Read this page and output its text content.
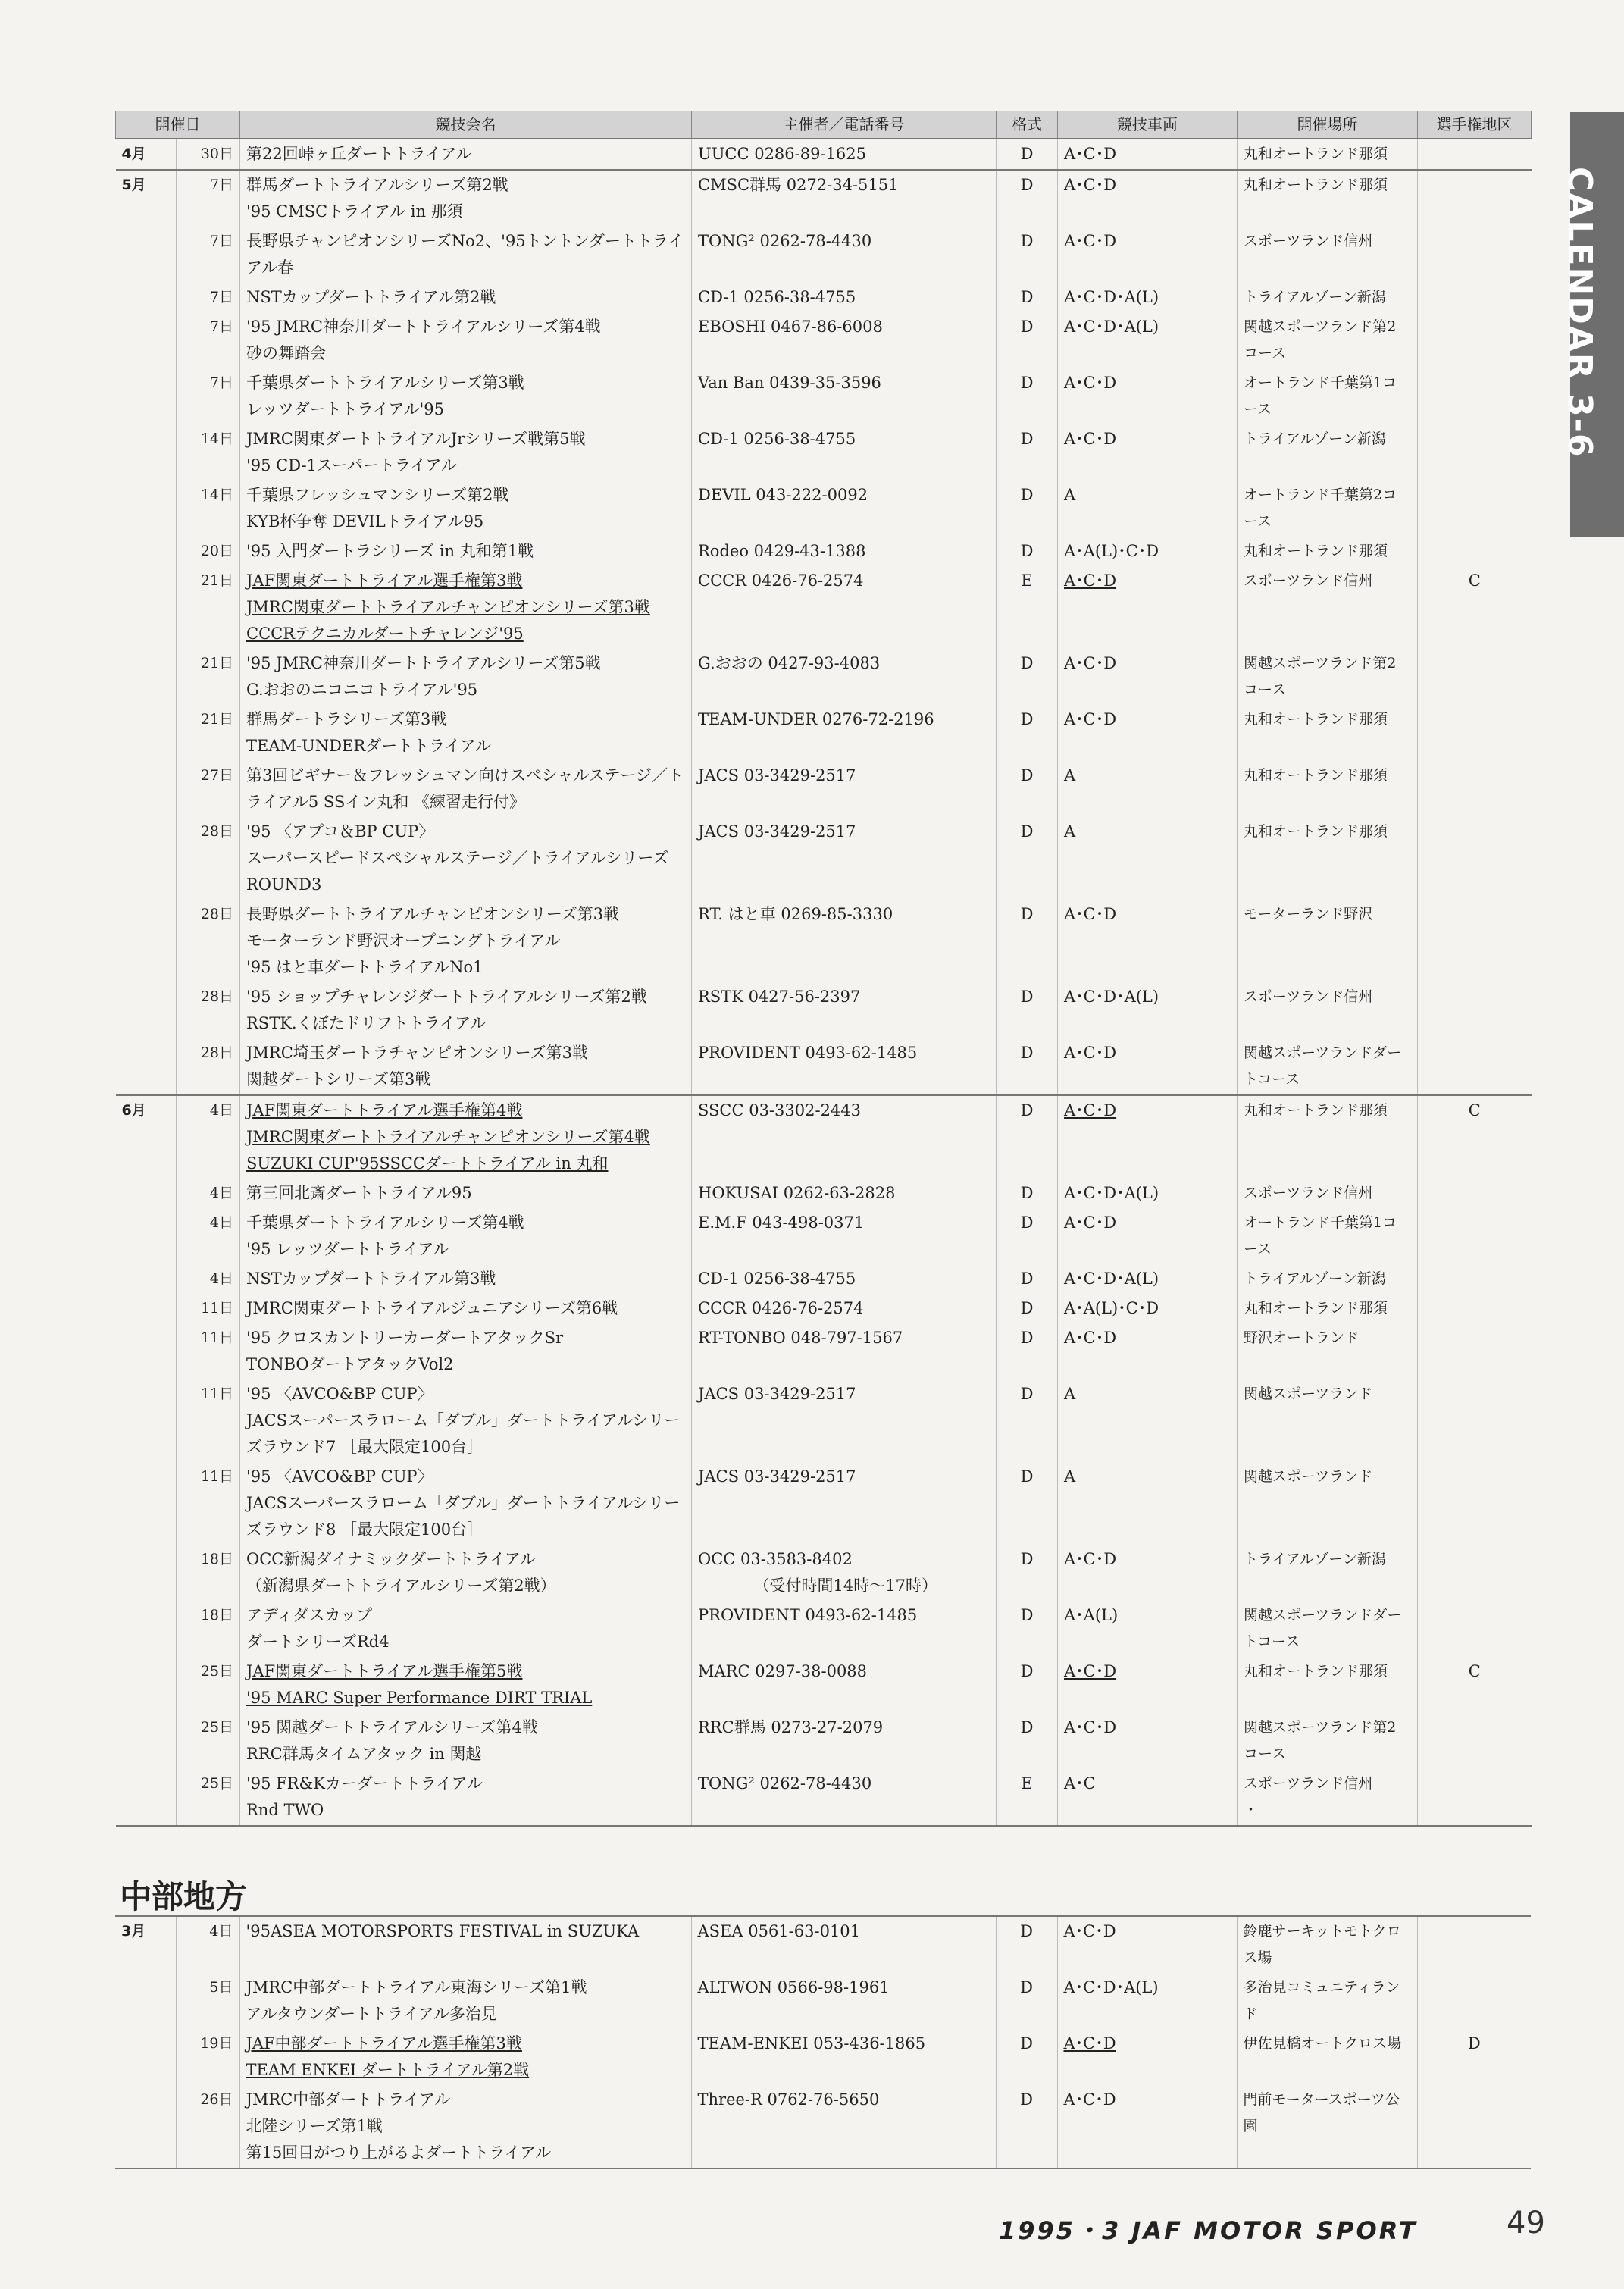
CALENDAR 3-6
開催日		競技会名	主催者／電話番号	格式	競技車両	開催場所	選手権地区
4月	30日	第22回峠ヶ丘ダートトライアル	UUCC 0286-89-1625	D	A･C･D	丸和オートランド那須	

5月	7日	群馬ダートトライアルシリーズ第2戦
'95 CMSCトライアル in 那須	CMSC群馬 0272-34-5151	D	A･C･D	丸和オートランド那須	

	7日	長野県チャンピオンシリーズNo2、'95トントンダートトライ
アル春	TONG² 0262-78-4430	D	A･C･D	スポーツランド信州	

	7日	NSTカップダートトライアル第2戦	CD-1 0256-38-4755	D	A･C･D･A(L)	トライアルゾーン新潟	

	7日	'95 JMRC神奈川ダートトライアルシリーズ第4戦
砂の舞踏会	EBOSHI 0467-86-6008	D	A･C･D･A(L)	関越スポーツランド第2
コース	

	7日	千葉県ダートトライアルシリーズ第3戦
レッツダートトライアル'95	Van Ban 0439-35-3596	D	A･C･D	オートランド千葉第1コ
ース	

	14日	JMRC関東ダートトライアルJrシリーズ戦第5戦
'95 CD-1スーパートライアル	CD-1 0256-38-4755	D	A･C･D	トライアルゾーン新潟	

	14日	千葉県フレッシュマンシリーズ第2戦
KYB杯争奪 DEVILトライアル95	DEVIL 043-222-0092	D	A	オートランド千葉第2コ
ース	

	20日	'95 入門ダートラシリーズ in 丸和第1戦	Rodeo 0429-43-1388	D	A･A(L)･C･D	丸和オートランド那須	

	21日	JAF関東ダートトライアル選手権第3戦
JMRC関東ダートトライアルチャンピオンシリーズ第3戦
CCCRテクニカルダートチャレンジ'95	CCCR 0426-76-2574	E	A･C･D	スポーツランド信州	C
	21日	'95 JMRC神奈川ダートトライアルシリーズ第5戦
G.おおのニコニコトライアル'95	G.おおの 0427-93-4083	D	A･C･D	関越スポーツランド第2
コース	

	21日	群馬ダートラシリーズ第3戦
TEAM-UNDERダートトライアル	TEAM-UNDER 0276-72-2196	D	A･C･D	丸和オートランド那須	

	27日	第3回ビギナー＆フレッシュマン向けスペシャルステージ／ト
ライアル5 SSイン丸和 《練習走行付》	JACS 03-3429-2517	D	A	丸和オートランド那須	

	28日	'95 〈アプコ＆BP CUP〉
スーパースピードスペシャルステージ／トライアルシリーズ
ROUND3	JACS 03-3429-2517	D	A	丸和オートランド那須	

	28日	長野県ダートトライアルチャンピオンシリーズ第3戦
モーターランド野沢オープニングトライアル
'95 はと車ダートトライアルNo1	RT. はと車 0269-85-3330	D	A･C･D	モーターランド野沢	

	28日	'95 ショップチャレンジダートトライアルシリーズ第2戦
RSTK.くぼたドリフトトライアル	RSTK 0427-56-2397	D	A･C･D･A(L)	スポーツランド信州	

	28日	JMRC埼玉ダートラチャンピオンシリーズ第3戦
関越ダートシリーズ第3戦	PROVIDENT 0493-62-1485	D	A･C･D	関越スポーツランドダー
トコース	

6月	4日	JAF関東ダートトライアル選手権第4戦
JMRC関東ダートトライアルチャンピオンシリーズ第4戦
SUZUKI CUP'95SSCCダートトライアル in 丸和	SSCC 03-3302-2443	D	A･C･D	丸和オートランド那須	C
	4日	第三回北斎ダートトライアル95	HOKUSAI 0262-63-2828	D	A･C･D･A(L)	スポーツランド信州	

	4日	千葉県ダートトライアルシリーズ第4戦
'95 レッツダートトライアル	E.M.F 043-498-0371	D	A･C･D	オートランド千葉第1コ
ース	

	4日	NSTカップダートトライアル第3戦	CD-1 0256-38-4755	D	A･C･D･A(L)	トライアルゾーン新潟	

	11日	JMRC関東ダートトライアルジュニアシリーズ第6戦	CCCR 0426-76-2574	D	A･A(L)･C･D	丸和オートランド那須	

	11日	'95 クロスカントリーカーダートアタックSr
TONBOダートアタックVol2	RT-TONBO 048-797-1567	D	A･C･D	野沢オートランド	

	11日	'95 〈AVCO&BP CUP〉
JACSスーパースラローム「ダブル」ダートトライアルシリー
ズラウンド7 ［最大限定100台］	JACS 03-3429-2517	D	A	関越スポーツランド	

	11日	'95 〈AVCO&BP CUP〉
JACSスーパースラローム「ダブル」ダートトライアルシリー
ズラウンド8 ［最大限定100台］	JACS 03-3429-2517	D	A	関越スポーツランド	

	18日	OCC新潟ダイナミックダートトライアル
（新潟県ダートトライアルシリーズ第2戦）	OCC 03-3583-8402
　　　　（受付時間14時～17時）	D	A･C･D	トライアルゾーン新潟	

	18日	アディダスカップ
ダートシリーズRd4	PROVIDENT 0493-62-1485	D	A･A(L)	関越スポーツランドダー
トコース	

	25日	JAF関東ダートトライアル選手権第5戦
'95 MARC Super Performance DIRT TRIAL	MARC 0297-38-0088	D	A･C･D	丸和オートランド那須	C
	25日	'95 関越ダートトライアルシリーズ第4戦
RRC群馬タイムアタック in 関越	RRC群馬 0273-27-2079	D	A･C･D	関越スポーツランド第2
コース	

	25日	'95 FR&Kカーダートトライアル
Rnd TWO	TONG² 0262-78-4430	E	A･C	スポーツランド信州
・	

中部地方
3月	4日	'95ASEA MOTORSPORTS FESTIVAL in SUZUKA	ASEA 0561-63-0101	D	A･C･D	鈴鹿サーキットモトクロ
ス場	

	5日	JMRC中部ダートトライアル東海シリーズ第1戦
アルタウンダートトライアル多治見	ALTWON 0566-98-1961	D	A･C･D･A(L)	多治見コミュニティラン
ド	

	19日	JAF中部ダートトライアル選手権第3戦
TEAM ENKEI ダートトライアル第2戦	TEAM-ENKEI 053-436-1865	D	A･C･D	伊佐見橋オートクロス場	D
	26日	JMRC中部ダートトライアル
北陸シリーズ第1戦
第15回目がつり上がるよダートトライアル	Three-R 0762-76-5650	D	A･C･D	門前モータースポーツ公
園	

1995・3 JAF MOTOR SPORT	49
